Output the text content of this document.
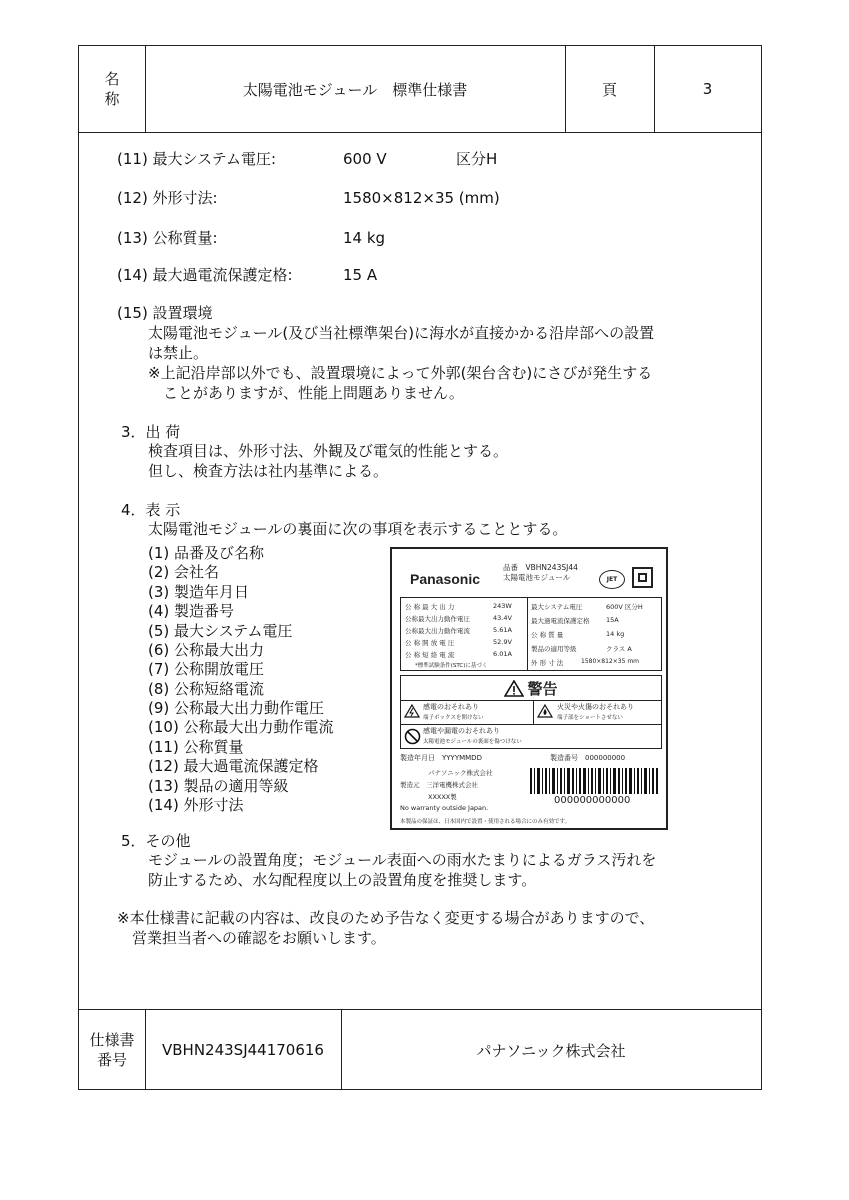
名
称
太陽電池モジュール　標準仕様書	頁	3
仕様書
番号
VBHN243SJ44170616	パナソニック株式会社
(11) 最大システム電圧:	600 V	区分H
(12) 外形寸法:	1580×812×35 (mm)
(13) 公称質量:	14 kg
(14) 最大過電流保護定格:	15 A
(15) 設置環境
太陽電池モジュール(及び当社標準架台)に海水が直接かかる沿岸部への設置
は禁止。
※上記沿岸部以外でも、設置環境によって外郭(架台含む)にさびが発生する
　ことがありますが、性能上問題ありません。
3．出 荷
検査項目は、外形寸法、外観及び電気的性能とする。
但し、検査方法は社内基準による。
4．表 示
太陽電池モジュールの裏面に次の事項を表示することとする。
(1) 品番及び名称
(2) 会社名
(3) 製造年月日
(4) 製造番号
(5) 最大システム電圧
(6) 公称最大出力
(7) 公称開放電圧
(8) 公称短絡電流
(9) 公称最大出力動作電圧
(10) 公称最大出力動作電流
(11) 公称質量
(12) 最大過電流保護定格
(13) 製品の適用等級
(14) 外形寸法
Panasonic
品番　VBHN243SJ44
太陽電池モジュール	JET
公 称 最 大 出 力	243W
公称最大出力動作電圧	43.4V
公称最大出力動作電流	5.61A
公 称 開 放 電 圧	52.9V
公 称 短 絡 電 流	6.01A
*標準試験条件(STC)に基づく
最大システム電圧	600V 区分H
最大過電流保護定格	15A
公 称 質 量	14 kg
製品の適用等級	クラス A
外 形 寸 法	1580×812×35 mm
警告
感電のおそれあり
端子ボックスを開けない
火災や火傷のおそれあり
端子部をショートさせない
感電や漏電のおそれあり
太陽電池モジュールの裏面を傷つけない
製造年月日　YYYYMMDD	製造番号　000000000
パナソニック株式会社
製造元　三洋電機株式会社
XXXXX製
No warranty outside Japan.
000000000000
本製品の保証は、日本国内で設置・使用される場合にのみ有効です。
5．その他
モジュールの設置角度；モジュール表面への雨水たまりによるガラス汚れを
防止するため、水勾配程度以上の設置角度を推奨します。
※本仕様書に記載の内容は、改良のため予告なく変更する場合がありますので、
　営業担当者への確認をお願いします。
